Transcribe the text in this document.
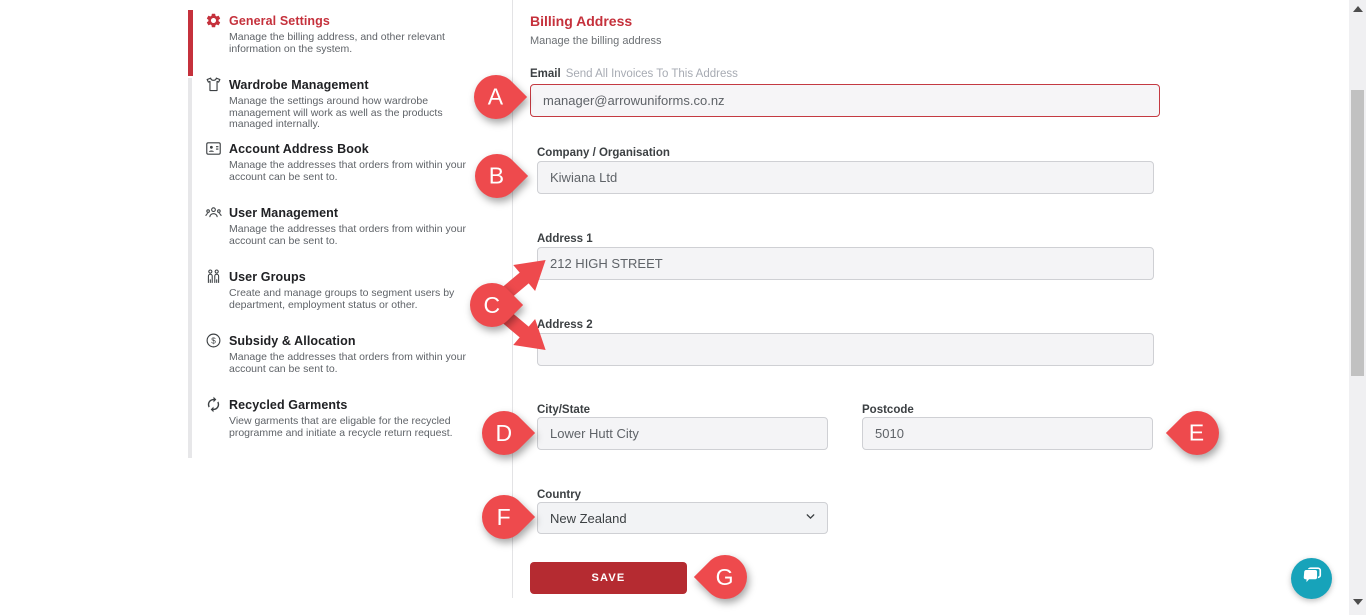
General Settings
Manage the billing address, and other relevant information on the system.
Wardrobe Management
Manage the settings around how wardrobe management will work as well as the products managed internally.
Account Address Book
Manage the addresses that orders from within your account can be sent to.
User Management
Manage the addresses that orders from within your account can be sent to.
User Groups
Create and manage groups to segment users by department, employment status or other.
$ Subsidy & Allocation
Manage the addresses that orders from within your account can be sent to.
Recycled Garments
View garments that are eligable for the recycled programme and initiate a recycle return request.
Billing Address
Manage the billing address
Email Send All Invoices To This Address
manager@arrowuniforms.co.nz
Company / Organisation
Kiwiana Ltd
Address 1
212 HIGH STREET
Address 2
City/State
Lower Hutt City	Postcode
5010
Country
New Zealand
SAVE
A
B
C
D	E
F
G
